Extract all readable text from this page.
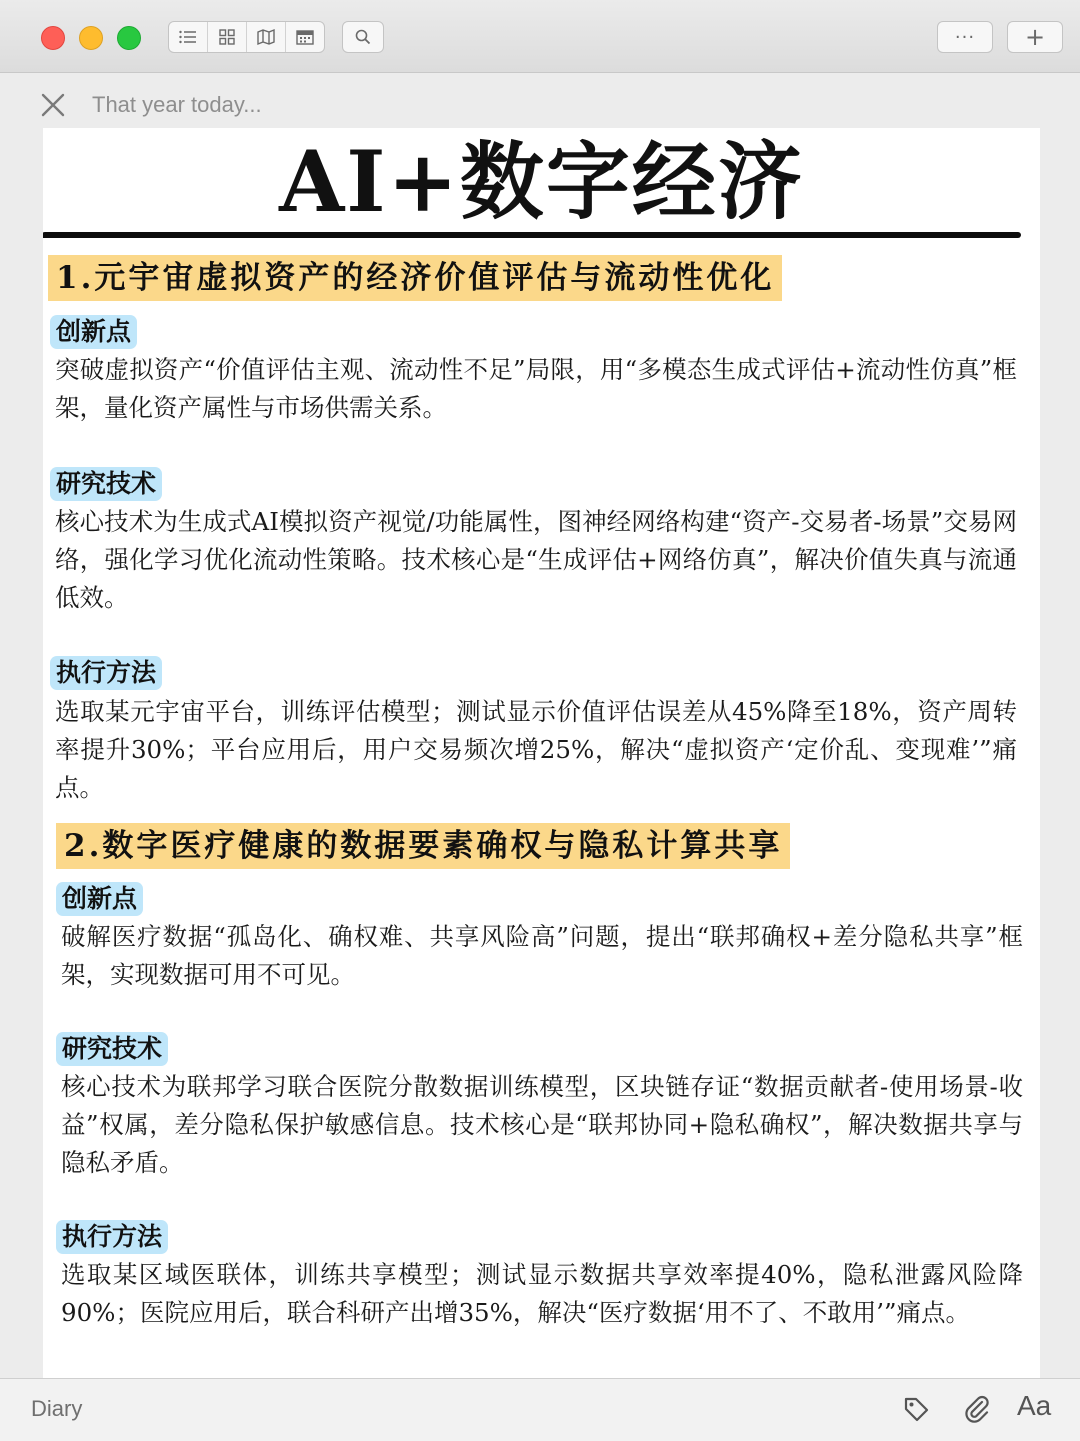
··· +
That year today...
AI+数字经济
1.元宇宙虚拟资产的经济价值评估与流动性优化
创新点
突破虚拟资产“价值评估主观、流动性不足”局限，用“多模态生成式评估+流动性仿真”框架，量化资产属性与市场供需关系。
研究技术
核心技术为生成式AI模拟资产视觉/功能属性，图神经网络构建“资产-交易者-场景”交易网络，强化学习优化流动性策略。技术核心是“生成评估+网络仿真”，解决价值失真与流通低效。
执行方法
选取某元宇宙平台，训练评估模型；测试显示价值评估误差从45%降至18%，资产周转率提升30%；平台应用后，用户交易频次增25%，解决“虚拟资产‘定价乱、变现难’”痛点。
2.数字医疗健康的数据要素确权与隐私计算共享
创新点
破解医疗数据“孤岛化、确权难、共享风险高”问题，提出“联邦确权+差分隐私共享”框架，实现数据可用不可见。
研究技术
核心技术为联邦学习联合医院分散数据训练模型，区块链存证“数据贡献者-使用场景-收益”权属，差分隐私保护敏感信息。技术核心是“联邦协同+隐私确权”，解决数据共享与隐私矛盾。
执行方法
选取某区域医联体，训练共享模型；测试显示数据共享效率提40%，隐私泄露风险降90%；医院应用后，联合科研产出增35%，解决“医疗数据‘用不了、不敢用’”痛点。
Diary	Aa
